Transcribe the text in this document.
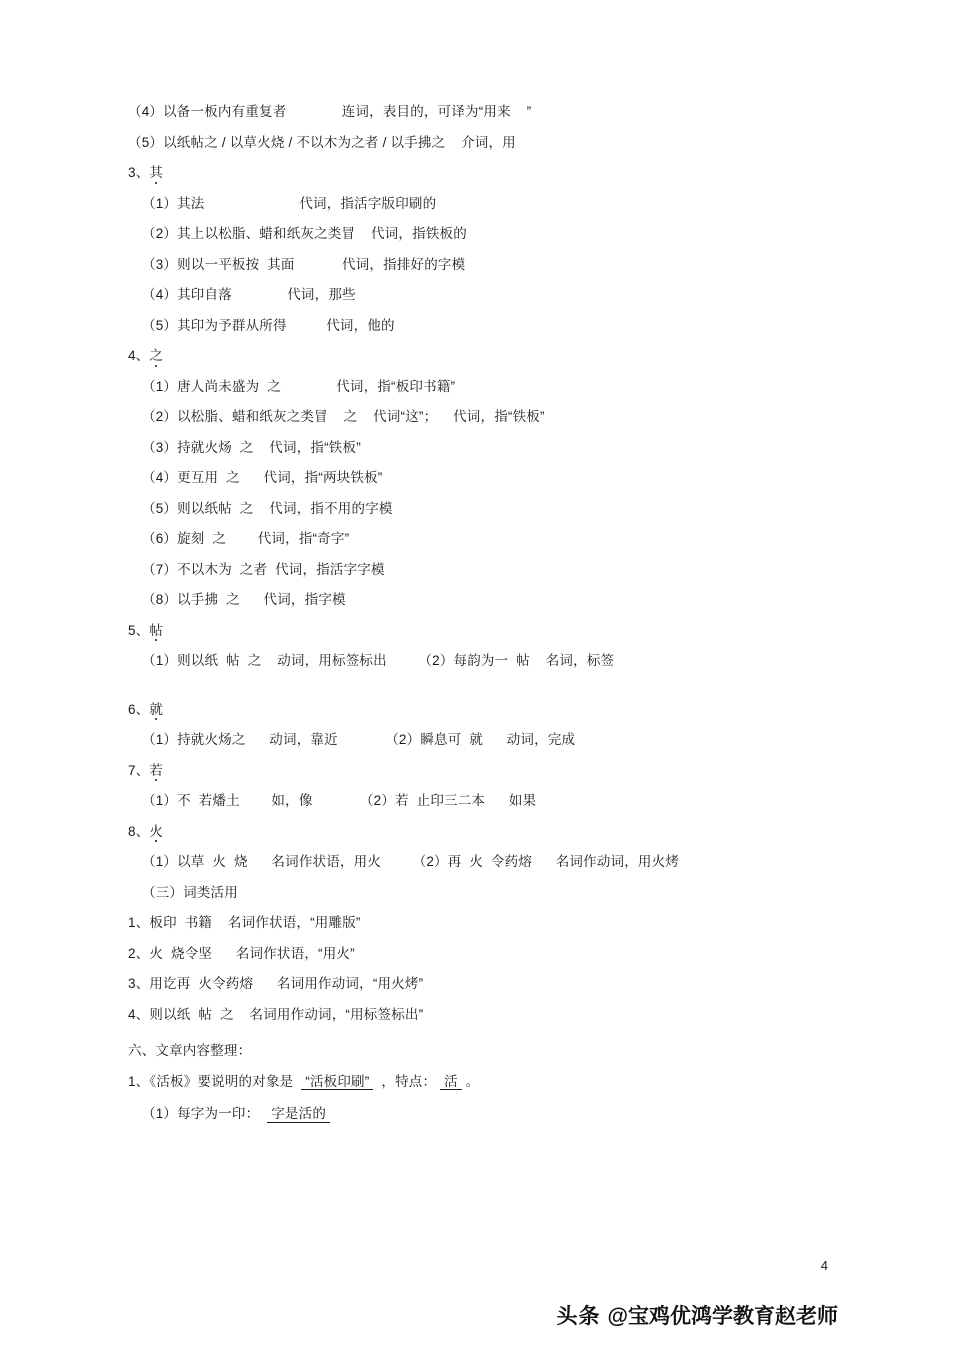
（4）以备一板内有重复者              连词，表目的，可译为“用来    ”
（5）以纸帖之 / 以草火烧 / 不以木为之者 / 以手拂之    介词，用
3、其
（1）其法                        代词，指活字版印刷的
（2）其上以松脂、蜡和纸灰之类冒    代词，指铁板的
（3）则以一平板按  其面            代词，指排好的字模
（4）其印自落              代词，那些
（5）其印为予群从所得          代词，他的
4、之
（1）唐人尚未盛为  之              代词，指“板印书籍”
（2）以松脂、蜡和纸灰之类冒    之    代词“这”；    代词，指“铁板”
（3）持就火炀  之    代词，指“铁板”
（4）更互用  之      代词，指“两块铁板”
（5）则以纸帖  之    代词，指不用的字模
（6）旋刻  之        代词，指“奇字”
（7）不以木为  之者  代词，指活字字模
（8）以手拂  之      代词，指字模
5、帖
（1）则以纸  帖  之    动词，用标签标出        （2）每韵为一  帖    名词，标签
6、就
（1）持就火炀之      动词，靠近            （2）瞬息可  就      动词，完成
7、若
（1）不  若燔土        如，像            （2）若  止印三二本      如果
8、火
（1）以草  火  烧      名词作状语，用火        （2）再  火  令药熔      名词作动词，用火烤
（三）词类活用
1、板印  书籍    名词作状语，“用雕版”
2、火  烧令坚      名词作状语，“用火”
3、用讫再  火令药熔      名词用作动词，“用火烤”
4、则以纸  帖  之    名词用作动词，“用标签标出”
六、文章内容整理：
1、《活板》要说明的对象是 “活板印刷” ，特点： 活 。
（1）每字为一印： 字是活的
4
头条 @宝鸡优鸿学教育赵老师
